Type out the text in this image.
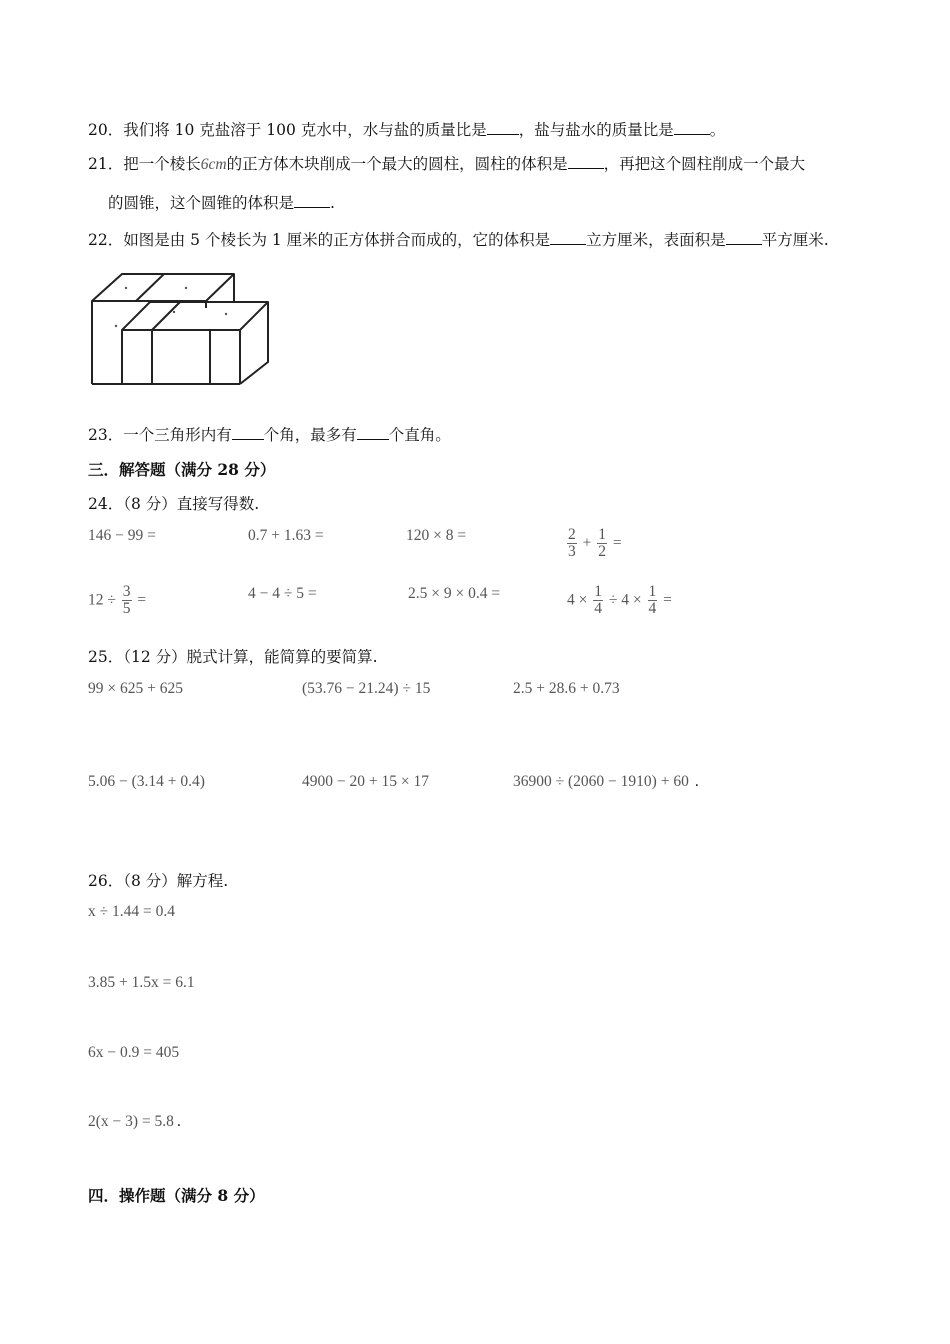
20．我们将 10 克盐溶于 100 克水中，水与盐的质量比是 ，盐与盐水的质量比是 。
21．把一个棱长6cm的正方体木块削成一个最大的圆柱，圆柱的体积是 ，再把这个圆柱削成一个最大
的圆锥，这个圆锥的体积是 .
22．如图是由 5 个棱长为 1 厘米的正方体拼合而成的，它的体积是 立方厘米，表面积是 平方厘米.
23．一个三角形内有 个角，最多有 个直角。
三．解答题（满分 28 分）
24．（8 分）直接写得数.
146 − 99 =	0.7 + 1.63 =	120 × 8 =	$\frac{2}{3} + \frac{1}{2}$ =
$12 \div \frac{3}{5}$ =	4 − 4 ÷ 5 =	2.5 × 9 × 0.4 =	$4 \times \frac{1}{4} \div 4 \times \frac{1}{4}$ =
25．（12 分）脱式计算，能简算的要简算.
99 × 625 + 625	(53.76 − 21.24) ÷ 15	2.5 + 28.6 + 0.73
5.06 − (3.14 + 0.4)	4900 − 20 + 15 × 17	36900 ÷ (2060 − 1910) + 60 .
26．（8 分）解方程.
x ÷ 1.44 = 0.4
3.85 + 1.5x = 6.1
6x − 0.9 = 405
2(x − 3) = 5.8 .
四．操作题（满分 8 分）
